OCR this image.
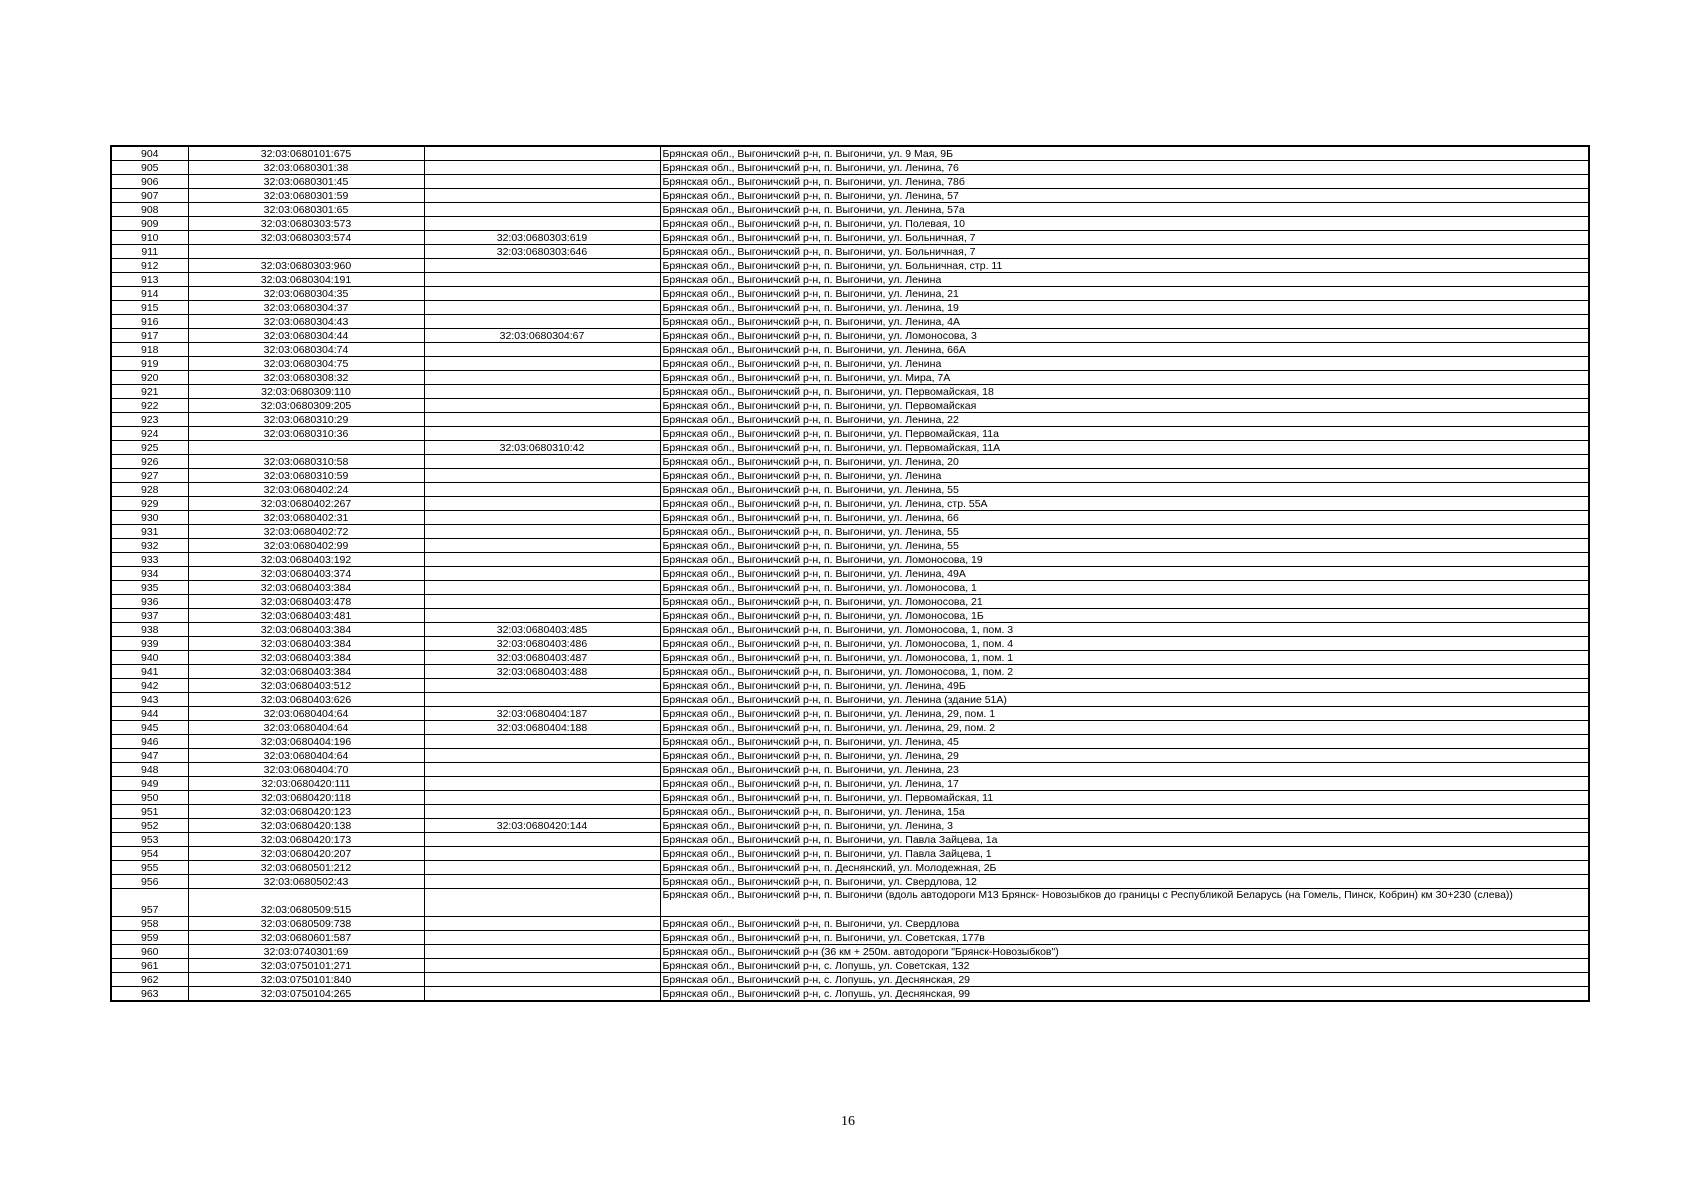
904	32:03:0680101:675		Брянская обл., Выгоничский р-н, п. Выгоничи, ул. 9 Мая, 9Б
905	32:03:0680301:38		Брянская обл., Выгоничский р-н, п. Выгоничи, ул. Ленина, 76
906	32:03:0680301:45		Брянская обл., Выгоничский р-н, п. Выгоничи, ул. Ленина, 78б
907	32:03:0680301:59		Брянская обл., Выгоничский р-н, п. Выгоничи, ул. Ленина, 57
908	32:03:0680301:65		Брянская обл., Выгоничский р-н, п. Выгоничи, ул. Ленина, 57а
909	32:03:0680303:573		Брянская обл., Выгоничский р-н, п. Выгоничи, ул. Полевая, 10
910	32:03:0680303:574	32:03:0680303:619	Брянская обл., Выгоничский р-н, п. Выгоничи, ул. Больничная, 7
911		32:03:0680303:646	Брянская обл., Выгоничский р-н, п. Выгоничи, ул. Больничная, 7
912	32:03:0680303:960		Брянская обл., Выгоничский р-н, п. Выгоничи, ул. Больничная, стр. 11
913	32:03:0680304:191		Брянская обл., Выгоничский р-н, п. Выгоничи, ул. Ленина
914	32:03:0680304:35		Брянская обл., Выгоничский р-н, п. Выгоничи, ул. Ленина, 21
915	32:03:0680304:37		Брянская обл., Выгоничский р-н, п. Выгоничи, ул. Ленина, 19
916	32:03:0680304:43		Брянская обл., Выгоничский р-н, п. Выгоничи, ул. Ленина, 4А
917	32:03:0680304:44	32:03:0680304:67	Брянская обл., Выгоничский р-н, п. Выгоничи, ул. Ломоносова, 3
918	32:03:0680304:74		Брянская обл., Выгоничский р-н, п. Выгоничи, ул. Ленина, 66А
919	32:03:0680304:75		Брянская обл., Выгоничский р-н, п. Выгоничи, ул. Ленина
920	32:03:0680308:32		Брянская обл., Выгоничский р-н, п. Выгоничи, ул. Мира, 7А
921	32:03:0680309:110		Брянская обл., Выгоничский р-н, п. Выгоничи, ул. Первомайская, 18
922	32:03:0680309:205		Брянская обл., Выгоничский р-н, п. Выгоничи, ул. Первомайская
923	32:03:0680310:29		Брянская обл., Выгоничский р-н, п. Выгоничи, ул. Ленина, 22
924	32:03:0680310:36		Брянская обл., Выгоничский р-н, п. Выгоничи, ул. Первомайская, 11а
925		32:03:0680310:42	Брянская обл., Выгоничский р-н, п. Выгоничи, ул. Первомайская, 11А
926	32:03:0680310:58		Брянская обл., Выгоничский р-н, п. Выгоничи, ул. Ленина, 20
927	32:03:0680310:59		Брянская обл., Выгоничский р-н, п. Выгоничи, ул. Ленина
928	32:03:0680402:24		Брянская обл., Выгоничский р-н, п. Выгоничи, ул. Ленина, 55
929	32:03:0680402:267		Брянская обл., Выгоничский р-н, п. Выгоничи, ул. Ленина, стр. 55А
930	32:03:0680402:31		Брянская обл., Выгоничский р-н, п. Выгоничи, ул. Ленина, 66
931	32:03:0680402:72		Брянская обл., Выгоничский р-н, п. Выгоничи, ул. Ленина, 55
932	32:03:0680402:99		Брянская обл., Выгоничский р-н, п. Выгоничи, ул. Ленина, 55
933	32:03:0680403:192		Брянская обл., Выгоничский р-н, п. Выгоничи, ул. Ломоносова, 19
934	32:03:0680403:374		Брянская обл., Выгоничский р-н, п. Выгоничи, ул. Ленина, 49А
935	32:03:0680403:384		Брянская обл., Выгоничский р-н, п. Выгоничи, ул. Ломоносова, 1
936	32:03:0680403:478		Брянская обл., Выгоничский р-н, п. Выгоничи, ул. Ломоносова, 21
937	32:03:0680403:481		Брянская обл., Выгоничский р-н, п. Выгоничи, ул. Ломоносова, 1Б
938	32:03:0680403:384	32:03:0680403:485	Брянская обл., Выгоничский р-н, п. Выгоничи, ул. Ломоносова, 1, пом. 3
939	32:03:0680403:384	32:03:0680403:486	Брянская обл., Выгоничский р-н, п. Выгоничи, ул. Ломоносова, 1, пом. 4
940	32:03:0680403:384	32:03:0680403:487	Брянская обл., Выгоничский р-н, п. Выгоничи, ул. Ломоносова, 1, пом. 1
941	32:03:0680403:384	32:03:0680403:488	Брянская обл., Выгоничский р-н, п. Выгоничи, ул. Ломоносова, 1, пом. 2
942	32:03:0680403:512		Брянская обл., Выгоничский р-н, п. Выгоничи, ул. Ленина, 49Б
943	32:03:0680403:626		Брянская обл., Выгоничский р-н, п. Выгоничи, ул. Ленина (здание 51А)
944	32:03:0680404:64	32:03:0680404:187	Брянская обл., Выгоничский р-н, п. Выгоничи, ул. Ленина, 29, пом. 1
945	32:03:0680404:64	32:03:0680404:188	Брянская обл., Выгоничский р-н, п. Выгоничи, ул. Ленина, 29, пом. 2
946	32:03:0680404:196		Брянская обл., Выгоничский р-н, п. Выгоничи, ул. Ленина, 45
947	32:03:0680404:64		Брянская обл., Выгоничский р-н, п. Выгоничи, ул. Ленина, 29
948	32:03:0680404:70		Брянская обл., Выгоничский р-н, п. Выгоничи, ул. Ленина, 23
949	32:03:0680420:111		Брянская обл., Выгоничский р-н, п. Выгоничи, ул. Ленина, 17
950	32:03:0680420:118		Брянская обл., Выгоничский р-н, п. Выгоничи, ул. Первомайская, 11
951	32:03:0680420:123		Брянская обл., Выгоничский р-н, п. Выгоничи, ул. Ленина, 15а
952	32:03:0680420:138	32:03:0680420:144	Брянская обл., Выгоничский р-н, п. Выгоничи, ул. Ленина, 3
953	32:03:0680420:173		Брянская обл., Выгоничский р-н, п. Выгоничи, ул. Павла Зайцева, 1а
954	32:03:0680420:207		Брянская обл., Выгоничский р-н, п. Выгоничи, ул. Павла Зайцева, 1
955	32:03:0680501:212		Брянская обл., Выгоничский р-н, п. Деснянский, ул. Молодежная, 2Б
956	32:03:0680502:43		Брянская обл., Выгоничский р-н, п. Выгоничи, ул. Свердлова, 12
957	32:03:0680509:515		Брянская обл., Выгоничский р-н, п. Выгоничи (вдоль автодороги М13 Брянск- Новозыбков до границы с Республикой Беларусь (на Гомель, Пинск, Кобрин) км 30+230 (слева))
958	32:03:0680509:738		Брянская обл., Выгоничский р-н, п. Выгоничи, ул. Свердлова
959	32:03:0680601:587		Брянская обл., Выгоничский р-н, п. Выгоничи, ул. Советская, 177в
960	32:03:0740301:69		Брянская обл., Выгоничский р-н (36 км + 250м. автодороги "Брянск-Новозыбков")
961	32:03:0750101:271		Брянская обл., Выгоничский р-н, с. Лопушь, ул. Советская, 132
962	32:03:0750101:840		Брянская обл., Выгоничский р-н, с. Лопушь, ул. Деснянская, 29
963	32:03:0750104:265		Брянская обл., Выгоничский р-н, с. Лопушь, ул. Деснянская, 99
16
